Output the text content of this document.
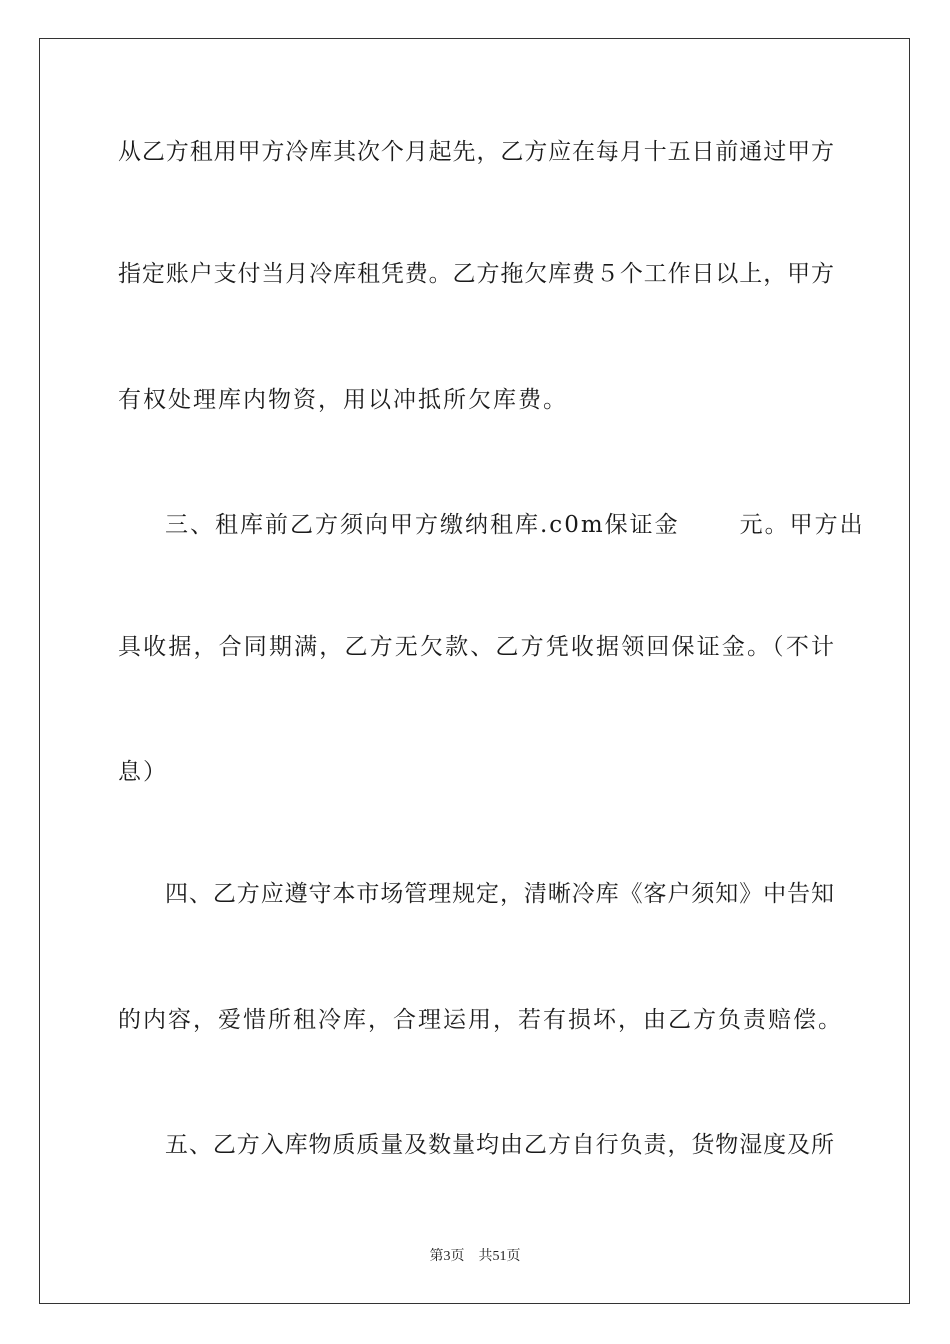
从乙方租用甲方冷库其次个月起先，乙方应在每月十五日前通过甲方
指定账户支付当月冷库租凭费。乙方拖欠库费５个工作日以上，甲方
有权处理库内物资，用以冲抵所欠库费。
三、租库前乙方须向甲方缴纳租库.c0m保证金	元。甲方出
具收据，合同期满，乙方无欠款、乙方凭收据领回保证金。（不计
息）
四、乙方应遵守本市场管理规定，清晰冷库《客户须知》中告知
的内容，爱惜所租冷库，合理运用，若有损坏，由乙方负责赔偿。
五、乙方入库物质质量及数量均由乙方自行负责，货物湿度及所
第3页　共51页
